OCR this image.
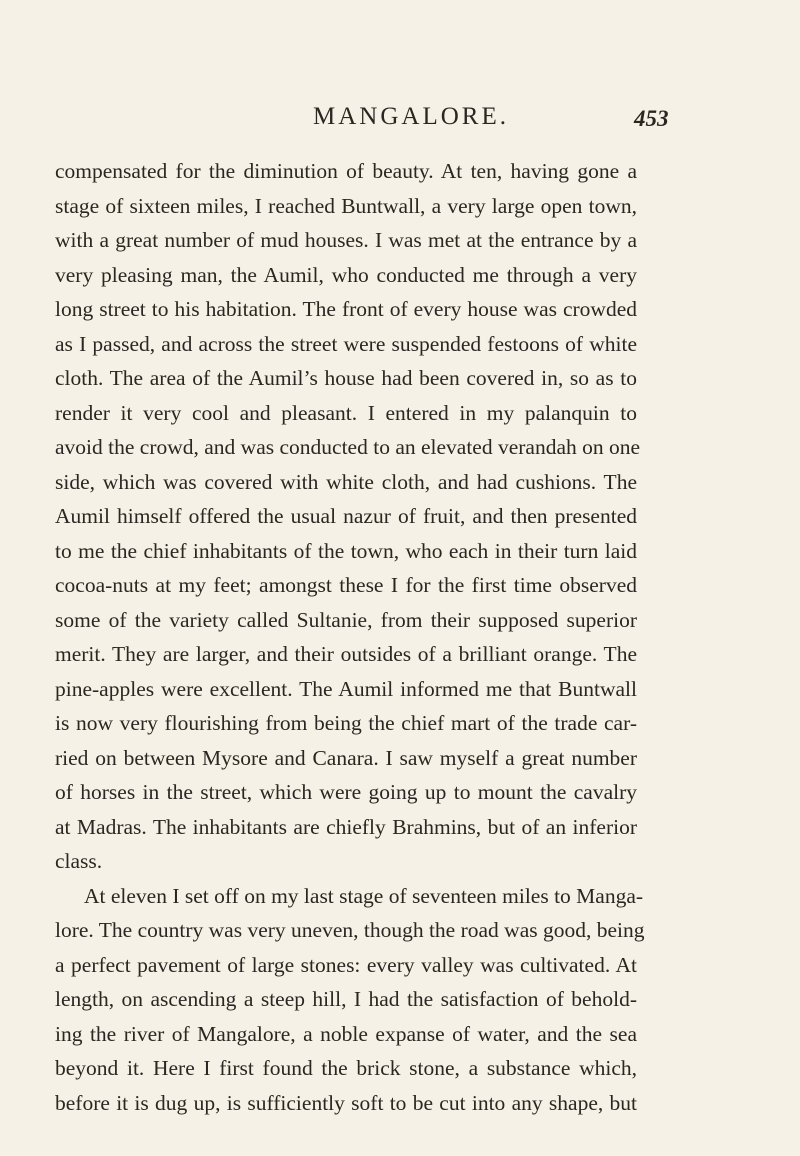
MANGALORE.	453
compensated for the diminution of beauty. At ten, having gone a
stage of sixteen miles, I reached Buntwall, a very large open town,
with a great number of mud houses. I was met at the entrance by a
very pleasing man, the Aumil, who conducted me through a very
long street to his habitation. The front of every house was crowded
as I passed, and across the street were suspended festoons of white
cloth. The area of the Aumil’s house had been covered in, so as to
render it very cool and pleasant. I entered in my palanquin to
avoid the crowd, and was conducted to an elevated verandah on one
side, which was covered with white cloth, and had cushions. The
Aumil himself offered the usual nazur of fruit, and then presented
to me the chief inhabitants of the town, who each in their turn laid
cocoa-nuts at my feet; amongst these I for the first time observed
some of the variety called Sultanie, from their supposed superior
merit. They are larger, and their outsides of a brilliant orange. The
pine-apples were excellent. The Aumil informed me that Buntwall
is now very flourishing from being the chief mart of the trade car-
ried on between Mysore and Canara. I saw myself a great number
of horses in the street, which were going up to mount the cavalry
at Madras. The inhabitants are chiefly Brahmins, but of an inferior
class.
At eleven I set off on my last stage of seventeen miles to Manga-
lore. The country was very uneven, though the road was good, being
a perfect pavement of large stones: every valley was cultivated. At
length, on ascending a steep hill, I had the satisfaction of behold-
ing the river of Mangalore, a noble expanse of water, and the sea
beyond it. Here I first found the brick stone, a substance which,
before it is dug up, is sufficiently soft to be cut into any shape, but
